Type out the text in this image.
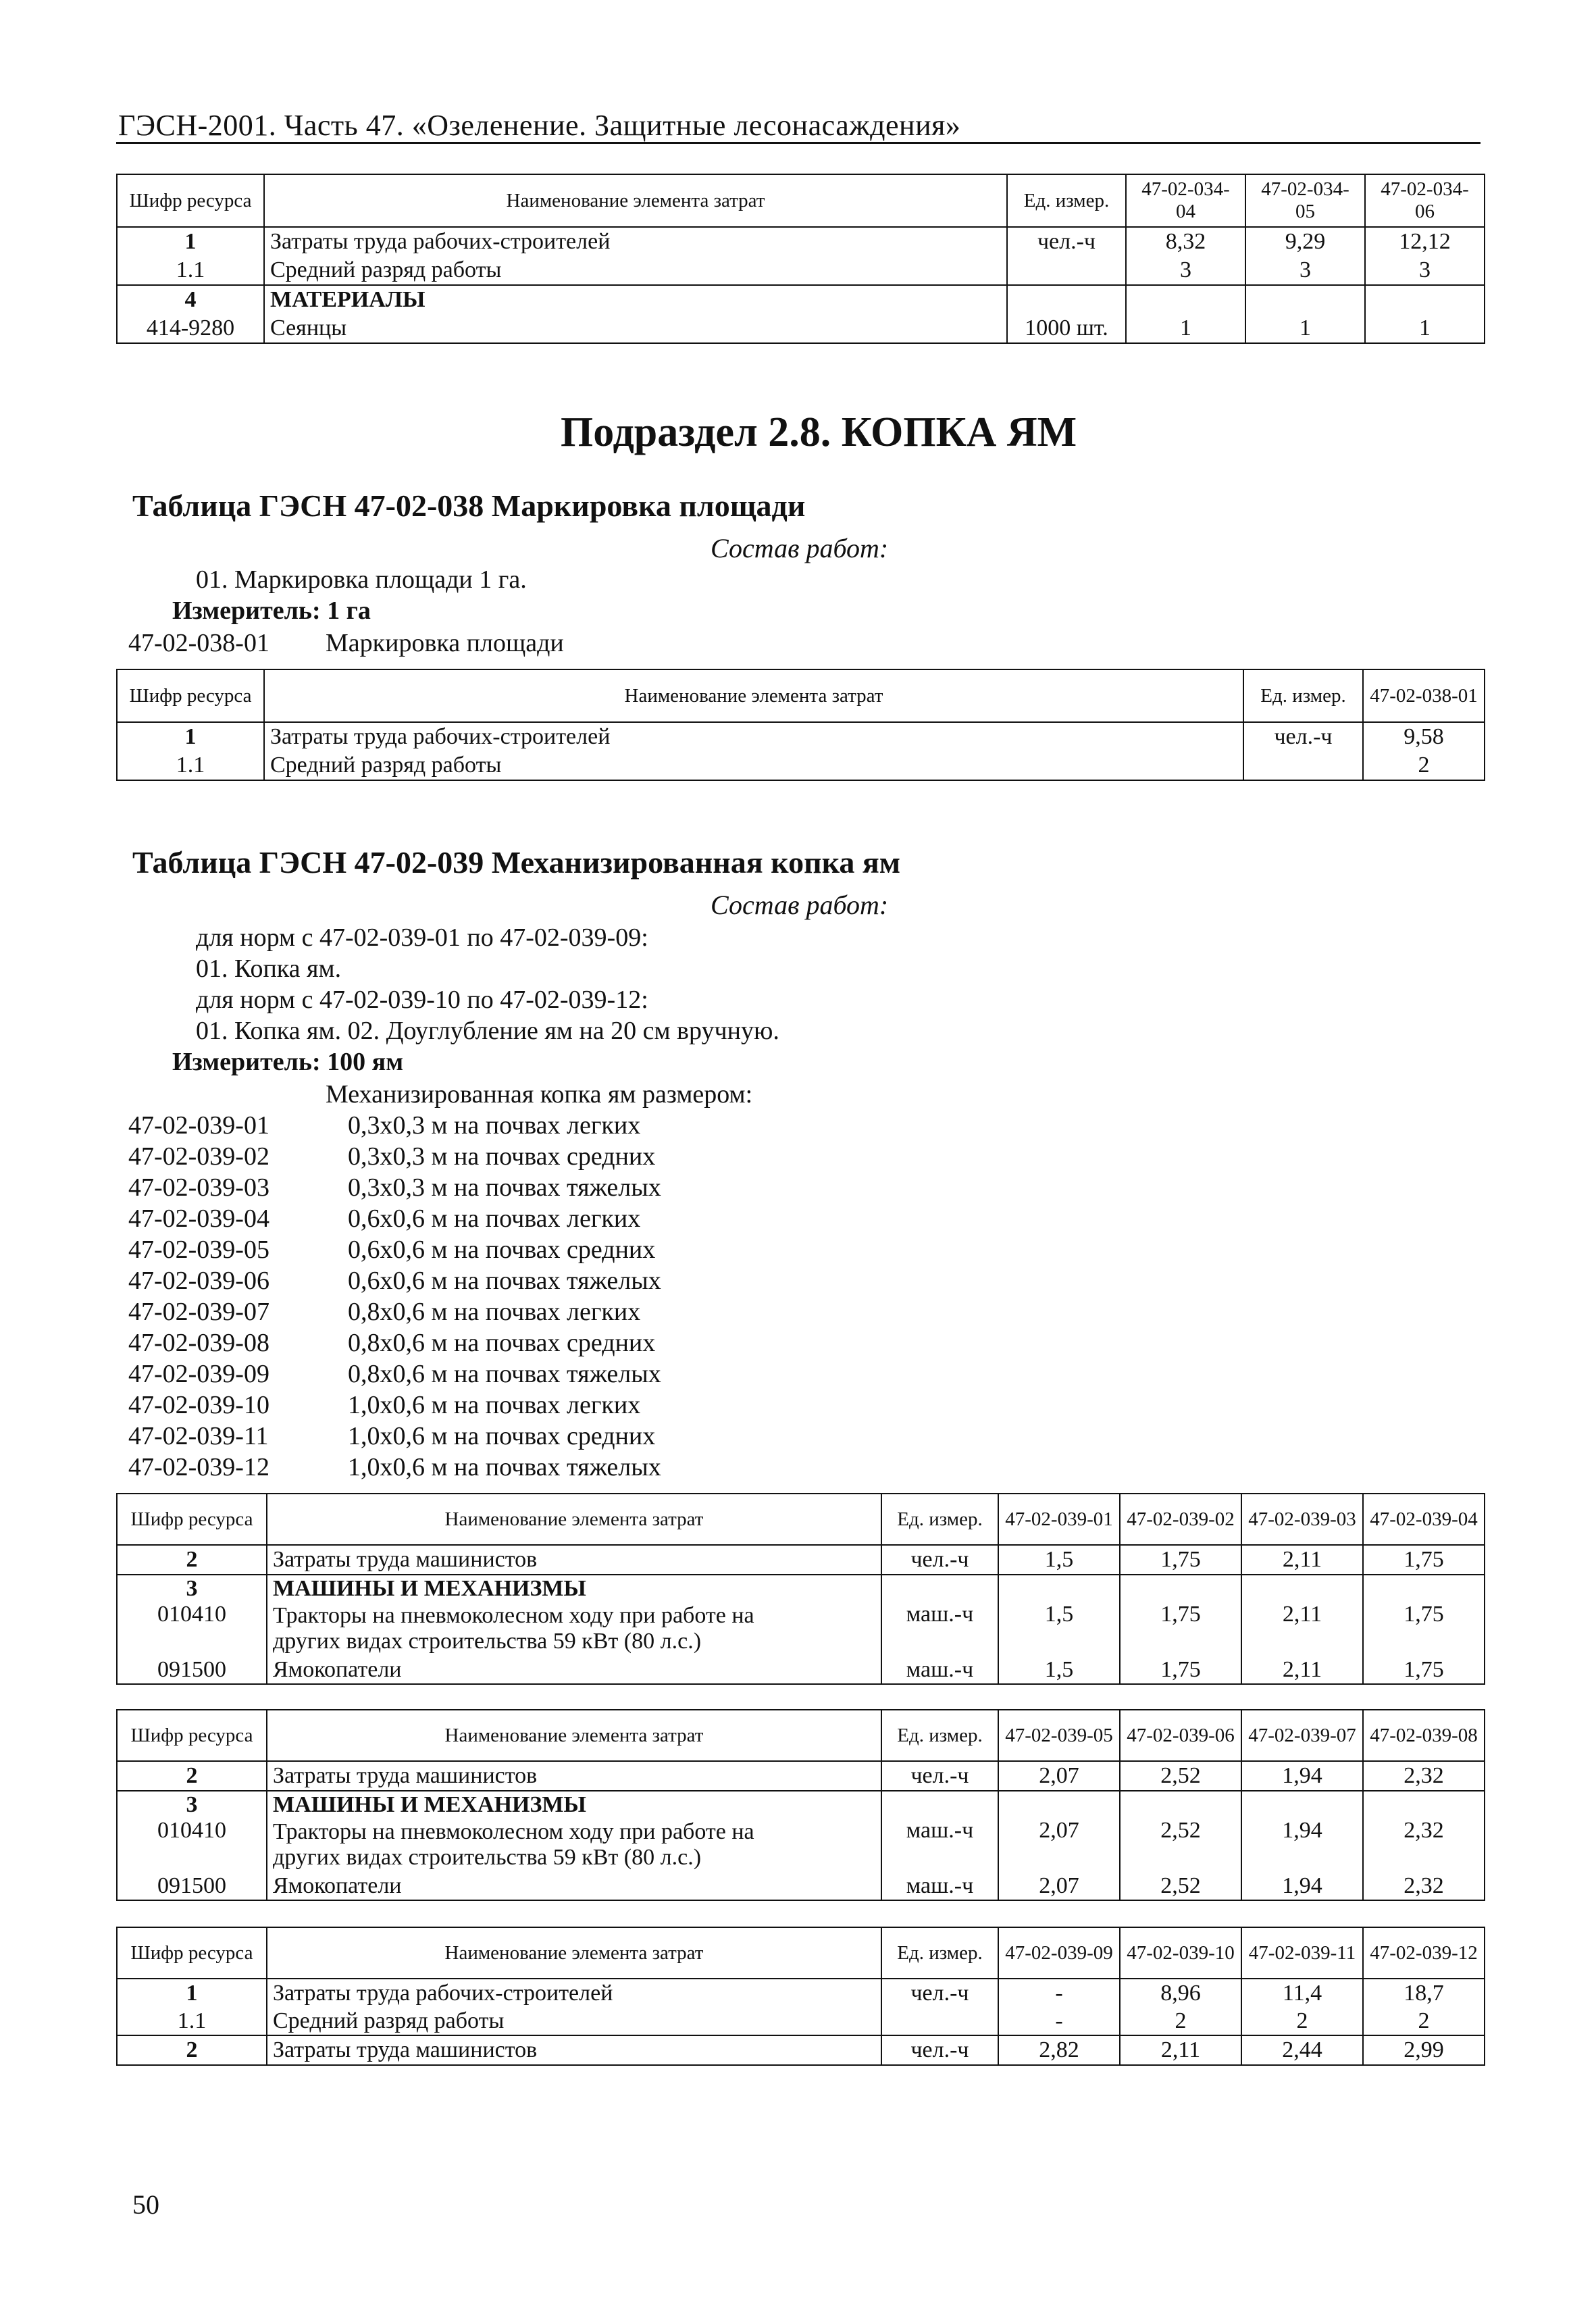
ГЭСН-2001. Часть 47. «Озеленение. Защитные лесонасаждения»
Шифр ресурса	Наименование элемента затрат	Ед. измер.	47-02-034-04	47-02-034-05	47-02-034-06
1	Затраты труда рабочих-строителей	чел.-ч	8,32	9,29	12,12
1.1	Средний разряд работы		3	3	3
4	МАТЕРИАЛЫ				
414-9280	Сеянцы	1000 шт.	1	1	1
Подраздел 2.8. КОПКА ЯМ
Таблица ГЭСН 47-02-038 Маркировка площади
Состав работ:
01. Маркировка площади 1 га.
Измеритель: 1 га
47-02-038-01 Маркировка площади
Шифр ресурса	Наименование элемента затрат	Ед. измер.	47-02-038-01
1	Затраты труда рабочих-строителей	чел.-ч	9,58
1.1	Средний разряд работы		2
Таблица ГЭСН 47-02-039 Механизированная копка ям
Состав работ:
для норм с 47-02-039-01 по 47-02-039-09:
01. Копка ям.
для норм с 47-02-039-10 по 47-02-039-12:
01. Копка ям. 02. Доуглубление ям на 20 см вручную.
Измеритель: 100 ям
Механизированная копка ям размером:
47-02-039-01	0,3х0,3 м на почвах легких
47-02-039-02	0,3х0,3 м на почвах средних
47-02-039-03	0,3х0,3 м на почвах тяжелых
47-02-039-04	0,6х0,6 м на почвах легких
47-02-039-05	0,6х0,6 м на почвах средних
47-02-039-06	0,6х0,6 м на почвах тяжелых
47-02-039-07	0,8х0,6 м на почвах легких
47-02-039-08	0,8х0,6 м на почвах средних
47-02-039-09	0,8х0,6 м на почвах тяжелых
47-02-039-10	1,0х0,6 м на почвах легких
47-02-039-11	1,0х0,6 м на почвах средних
47-02-039-12	1,0х0,6 м на почвах тяжелых
Шифр ресурса	Наименование элемента затрат	Ед. измер.	47-02-039-01	47-02-039-02	47-02-039-03	47-02-039-04
2	Затраты труда машинистов	чел.-ч	1,5	1,75	2,11	1,75
3	МАШИНЫ И МЕХАНИЗМЫ					
010410	Тракторы на пневмоколесном ходу при работе на
других видах строительства 59 кВт (80 л.с.)	маш.-ч	1,5	1,75	2,11	1,75
091500	Ямокопатели	маш.-ч	1,5	1,75	2,11	1,75
Шифр ресурса	Наименование элемента затрат	Ед. измер.	47-02-039-05	47-02-039-06	47-02-039-07	47-02-039-08
2	Затраты труда машинистов	чел.-ч	2,07	2,52	1,94	2,32
3	МАШИНЫ И МЕХАНИЗМЫ					
010410	Тракторы на пневмоколесном ходу при работе на
других видах строительства 59 кВт (80 л.с.)	маш.-ч	2,07	2,52	1,94	2,32
091500	Ямокопатели	маш.-ч	2,07	2,52	1,94	2,32
Шифр ресурса	Наименование элемента затрат	Ед. измер.	47-02-039-09	47-02-039-10	47-02-039-11	47-02-039-12
1	Затраты труда рабочих-строителей	чел.-ч	-	8,96	11,4	18,7
1.1	Средний разряд работы		-	2	2	2
2	Затраты труда машинистов	чел.-ч	2,82	2,11	2,44	2,99
50
